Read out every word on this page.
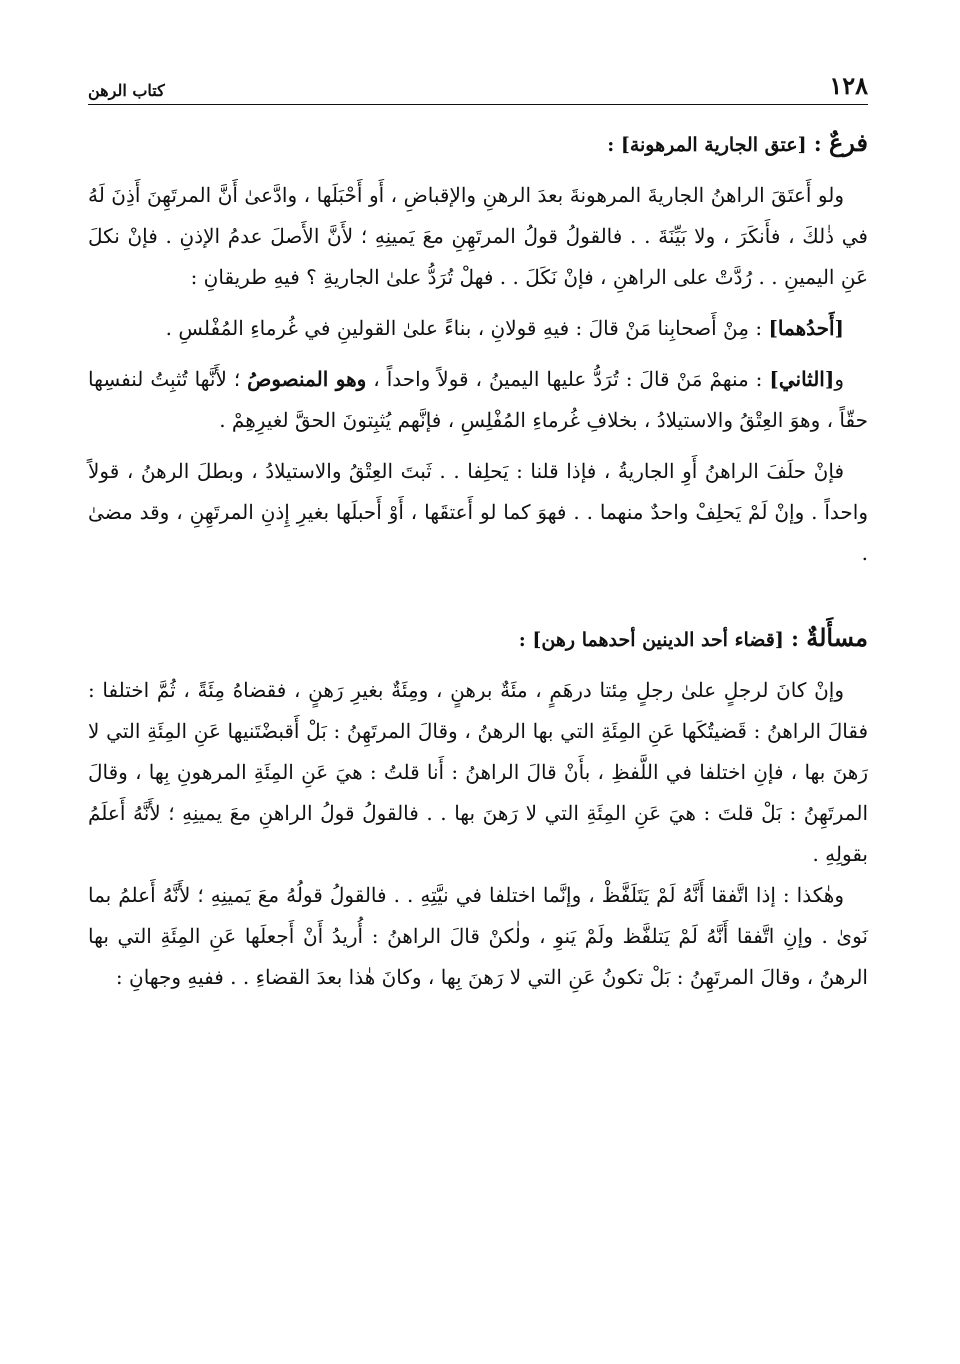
١٢٨
كتاب الرهن
فرعٌ : [عتق الجارية المرهونة] :

ولو أَعتَقَ الراهنُ الجاريةَ المرهونةَ بعدَ الرهنِ والإقباضِ ، أَو أَحْبَلَها ، وادَّعىٰ أَنَّ المرتَهِنَ أَذِنَ لَهُ في ذٰلكَ ، فأَنكَرَ ، ولا بَيِّنَةَ . . فالقولُ قولُ المرتَهِنِ معَ يَمينِهِ ؛ لأَنَّ الأَصلَ عدمُ الإذنِ . فإنْ نكلَ عَنِ اليمينِ . . رُدَّتْ على الراهنِ ، فإنْ نَكَلَ . . فهلْ تُرَدُّ علىٰ الجاريةِ ؟ فيهِ طريقانِ :

[أَحدُهما] : مِنْ أَصحابِنا مَنْ قالَ : فيهِ قولانِ ، بناءً علىٰ القولينِ في غُرماءِ المُفْلسِ .

و[الثاني] : منهمْ مَنْ قالَ : تُرَدُّ عليها اليمينُ ، قولاً واحداً ، وهو المنصوصُ ؛ لأَنَّها تُثبِتُ لنفسِها حقّاً ، وهوَ العِتْقُ والاستيلادُ ، بخلافِ غُرماءِ المُفْلِسِ ، فإنَّهم يُثبِتونَ الحقَّ لغيرِهِمْ .

فإنْ حلَفَ الراهنُ أَوِ الجاريةُ ، فإذا قلنا : يَحلِفا . . ثَبتَ العِتْقُ والاستيلادُ ، وبطلَ الرهنُ ، قولاً واحداً . وإنْ لَمْ يَحلِفْ واحدٌ منهما . . فهوَ كما لو أَعتقَها ، أَوْ أَحبلَها بغيرِ إِذنِ المرتَهِنِ ، وقد مضىٰ .

مسأَلةٌ : [قضاء أحد الدينين أحدهما رهن] :

وإنْ كانَ لرجلٍ علىٰ رجلٍ مِئتا درهَمٍ ، مئَةٌ برهنٍ ، ومِئَةٌ بغيرِ رَهنٍ ، فقضاهُ مِئَةً ، ثُمَّ اختلفا : فقالَ الراهنُ : قَضيتُكَها عَنِ المِئَةِ التي بها الرهنُ ، وقالَ المرتَهِنُ : بَلْ أَقبضْتَنيها عَنِ المِئَةِ التي لا رَهنَ بها ، فإنِ اختلفا في اللَّفظِ ، بأَنْ قالَ الراهنُ : أَنا قلتُ : هيَ عَنِ المِئَةِ المرهونِ بِها ، وقالَ المرتَهِنُ : بَلْ قلتَ : هيَ عَنِ المِئَةِ التي لا رَهنَ بها . . فالقولُ قولُ الراهنِ معَ يمينِهِ ؛ لأَنَّهُ أَعلَمُ بقولِهِ .

وهٰكذا : إذا اتَّفقا أَنَّهُ لَمْ يَتَلَفَّظْ ، وإنَّما اختلفا في نيَّتِهِ . . فالقولُ قولُهُ معَ يَمينِهِ ؛ لأَنَّهُ أَعلمُ بما نَوىٰ . وإنِ اتَّفقا أَنَّهُ لَمْ يَتلفَّظ ولَمْ يَنوِ ، ولٰكنْ قالَ الراهنُ : أُريدُ أَنْ أَجعلَها عَنِ المِئَةِ التي بها الرهنُ ، وقالَ المرتَهِنُ : بَلْ تكونُ عَنِ التي لا رَهنَ بِها ، وكانَ هٰذا بعدَ القضاءِ . . ففيهِ وجهانِ :
